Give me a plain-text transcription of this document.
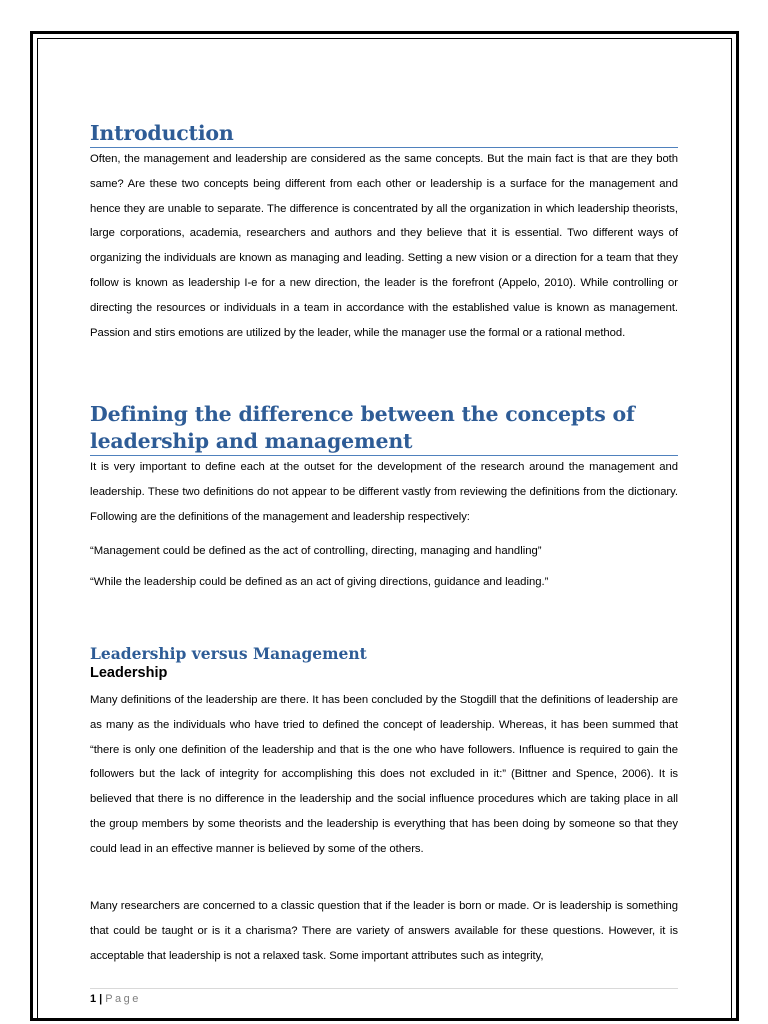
Introduction

Often, the management and leadership are considered as the same concepts. But the main fact is that are they both same? Are these two concepts being different from each other or leadership is a surface for the management and hence they are unable to separate. The difference is concentrated by all the organization in which leadership theorists, large corporations, academia, researchers and authors and they believe that it is essential. Two different ways of organizing the individuals are known as managing and leading. Setting a new vision or a direction for a team that they follow is known as leadership I-e for a new direction, the leader is the forefront (Appelo, 2010). While controlling or directing the resources or individuals in a team in accordance with the established value is known as management. Passion and stirs emotions are utilized by the leader, while the manager use the formal or a rational method.

Defining the difference between the concepts of leadership and management

It is very important to define each at the outset for the development of the research around the management and leadership. These two definitions do not appear to be different vastly from reviewing the definitions from the dictionary. Following are the definitions of the management and leadership respectively:

“Management could be defined as the act of controlling, directing, managing and handling”

“While the leadership could be defined as an act of giving directions, guidance and leading.”

Leadership versus Management
Leadership

Many definitions of the leadership are there. It has been concluded by the Stogdill that the definitions of leadership are as many as the individuals who have tried to defined the concept of leadership. Whereas, it has been summed that “there is only one definition of the leadership and that is the one who have followers. Influence is required to gain the followers but the lack of integrity for accomplishing this does not excluded in it:” (Bittner and Spence, 2006). It is believed that there is no difference in the leadership and the social influence procedures which are taking place in all the group members by some theorists and the leadership is everything that has been doing by someone so that they could lead in an effective manner is believed by some of the others.

Many researchers are concerned to a classic question that if the leader is born or made. Or is leadership is something that could be taught or is it a charisma? There are variety of answers available for these questions. However, it is acceptable that leadership is not a relaxed task. Some important attributes such as integrity,

1 | Page
